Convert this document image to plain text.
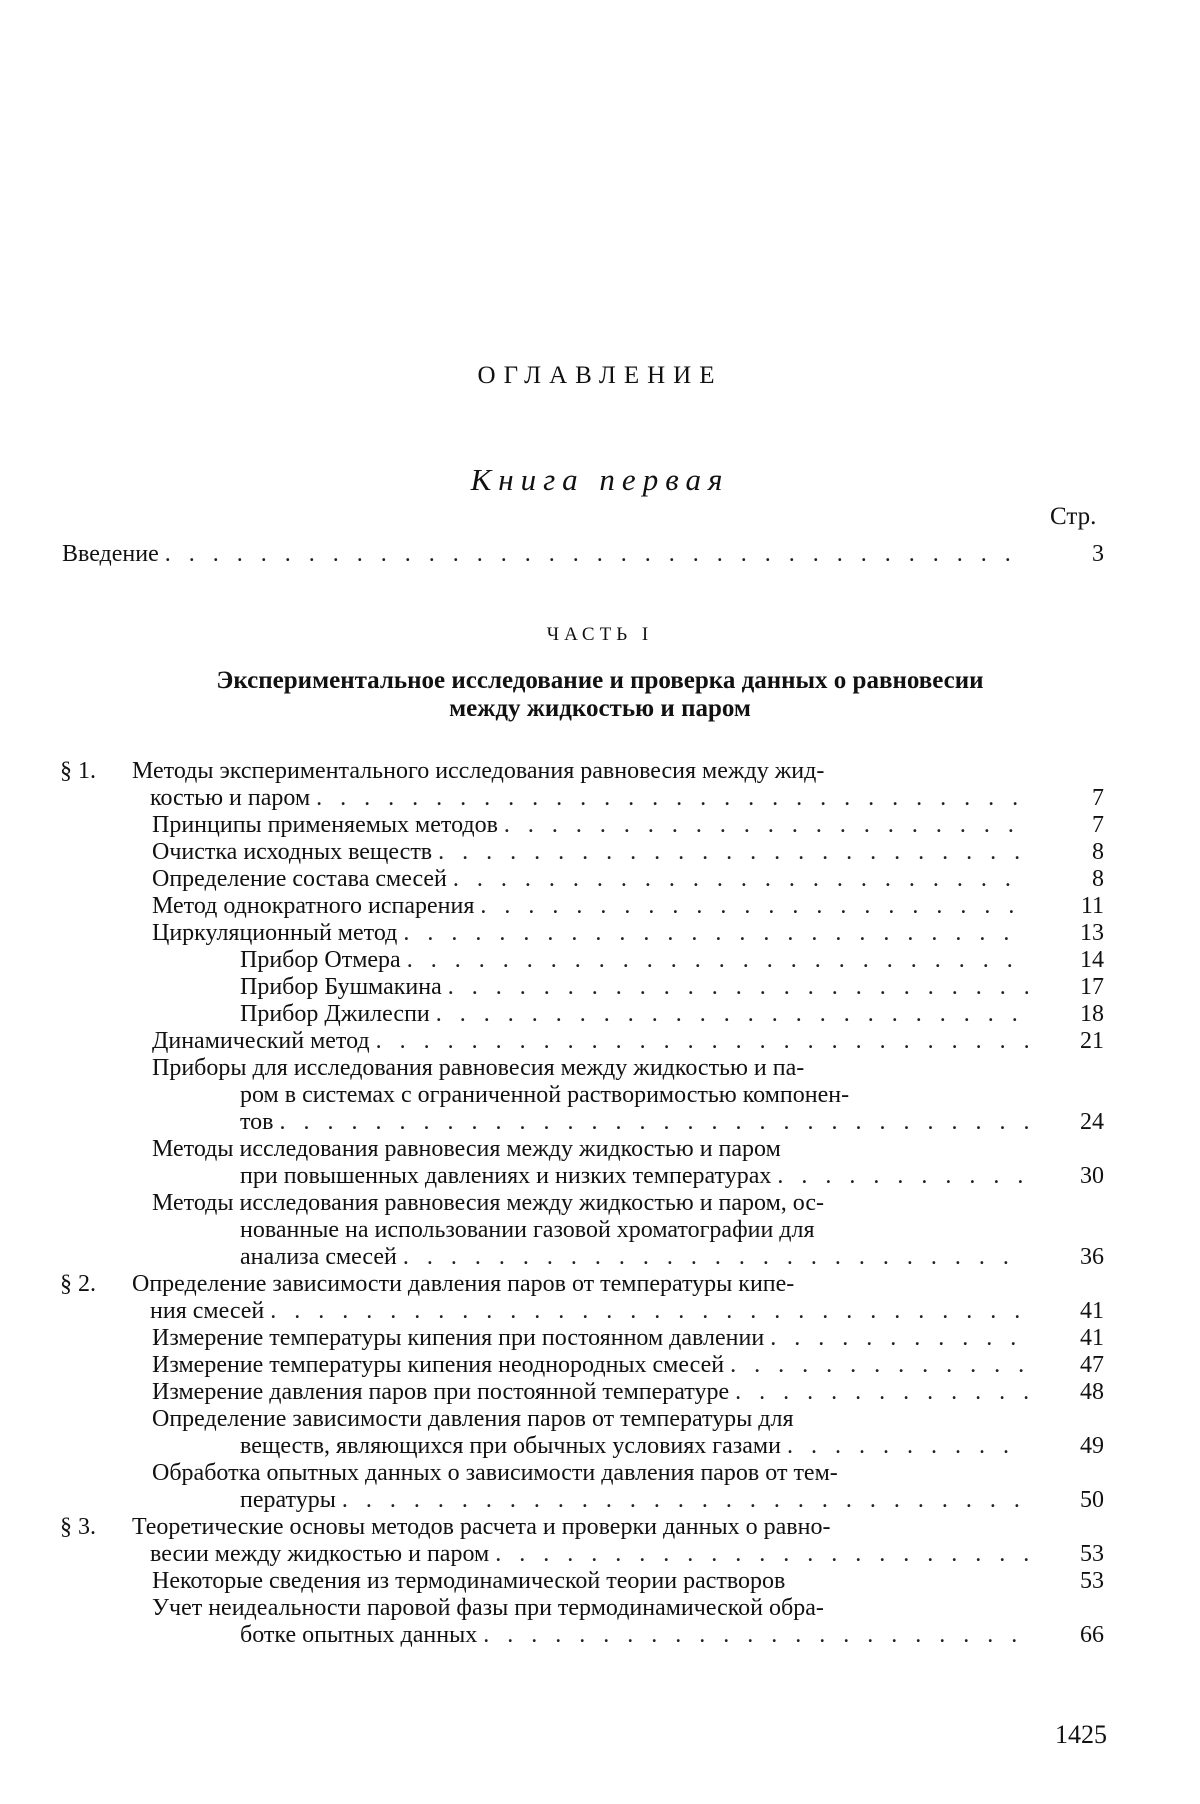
ОГЛАВЛЕНИЕ
Книга первая
Стр.
Введение . . .	3
ЧАСТЬ I
Экспериментальное исследование и проверка данных о равновесии
между жидкостью и паром
§ 1. Методы экспериментального исследования равновесия между жид-
костью и паром . . .	7
Принципы применяемых методов . . .	7
Очистка исходных веществ . . .	8
Определение состава смесей . . .	8
Метод однократного испарения . . .	11
Циркуляционный метод . . .	13
Прибор Отмера . . .	14
Прибор Бушмакина . . .	17
Прибор Джилеспи . . .	18
Динамический метод . . .	21
Приборы для исследования равновесия между жидкостью и па-
ром в системах с ограниченной растворимостью компонен-
тов . . .	24
Методы исследования равновесия между жидкостью и паром
при повышенных давлениях и низких температурах . . .	30
Методы исследования равновесия между жидкостью и паром, ос-
нованные на использовании газовой хроматографии для
анализа смесей . . .	36
§ 2. Определение зависимости давления паров от температуры кипе-
ния смесей . . .	41
Измерение температуры кипения при постоянном давлении . . .	41
Измерение температуры кипения неоднородных смесей . . .	47
Измерение давления паров при постоянной температуре . . .	48
Определение зависимости давления паров от температуры для
веществ, являющихся при обычных условиях газами . . .	49
Обработка опытных данных о зависимости давления паров от тем-
пературы . . .	50
§ 3. Теоретические основы методов расчета и проверки данных о равно-
весии между жидкостью и паром . . .	53
Некоторые сведения из термодинамической теории растворов	53
Учет неидеальности паровой фазы при термодинамической обра-
ботке опытных данных . . .	66
1425
